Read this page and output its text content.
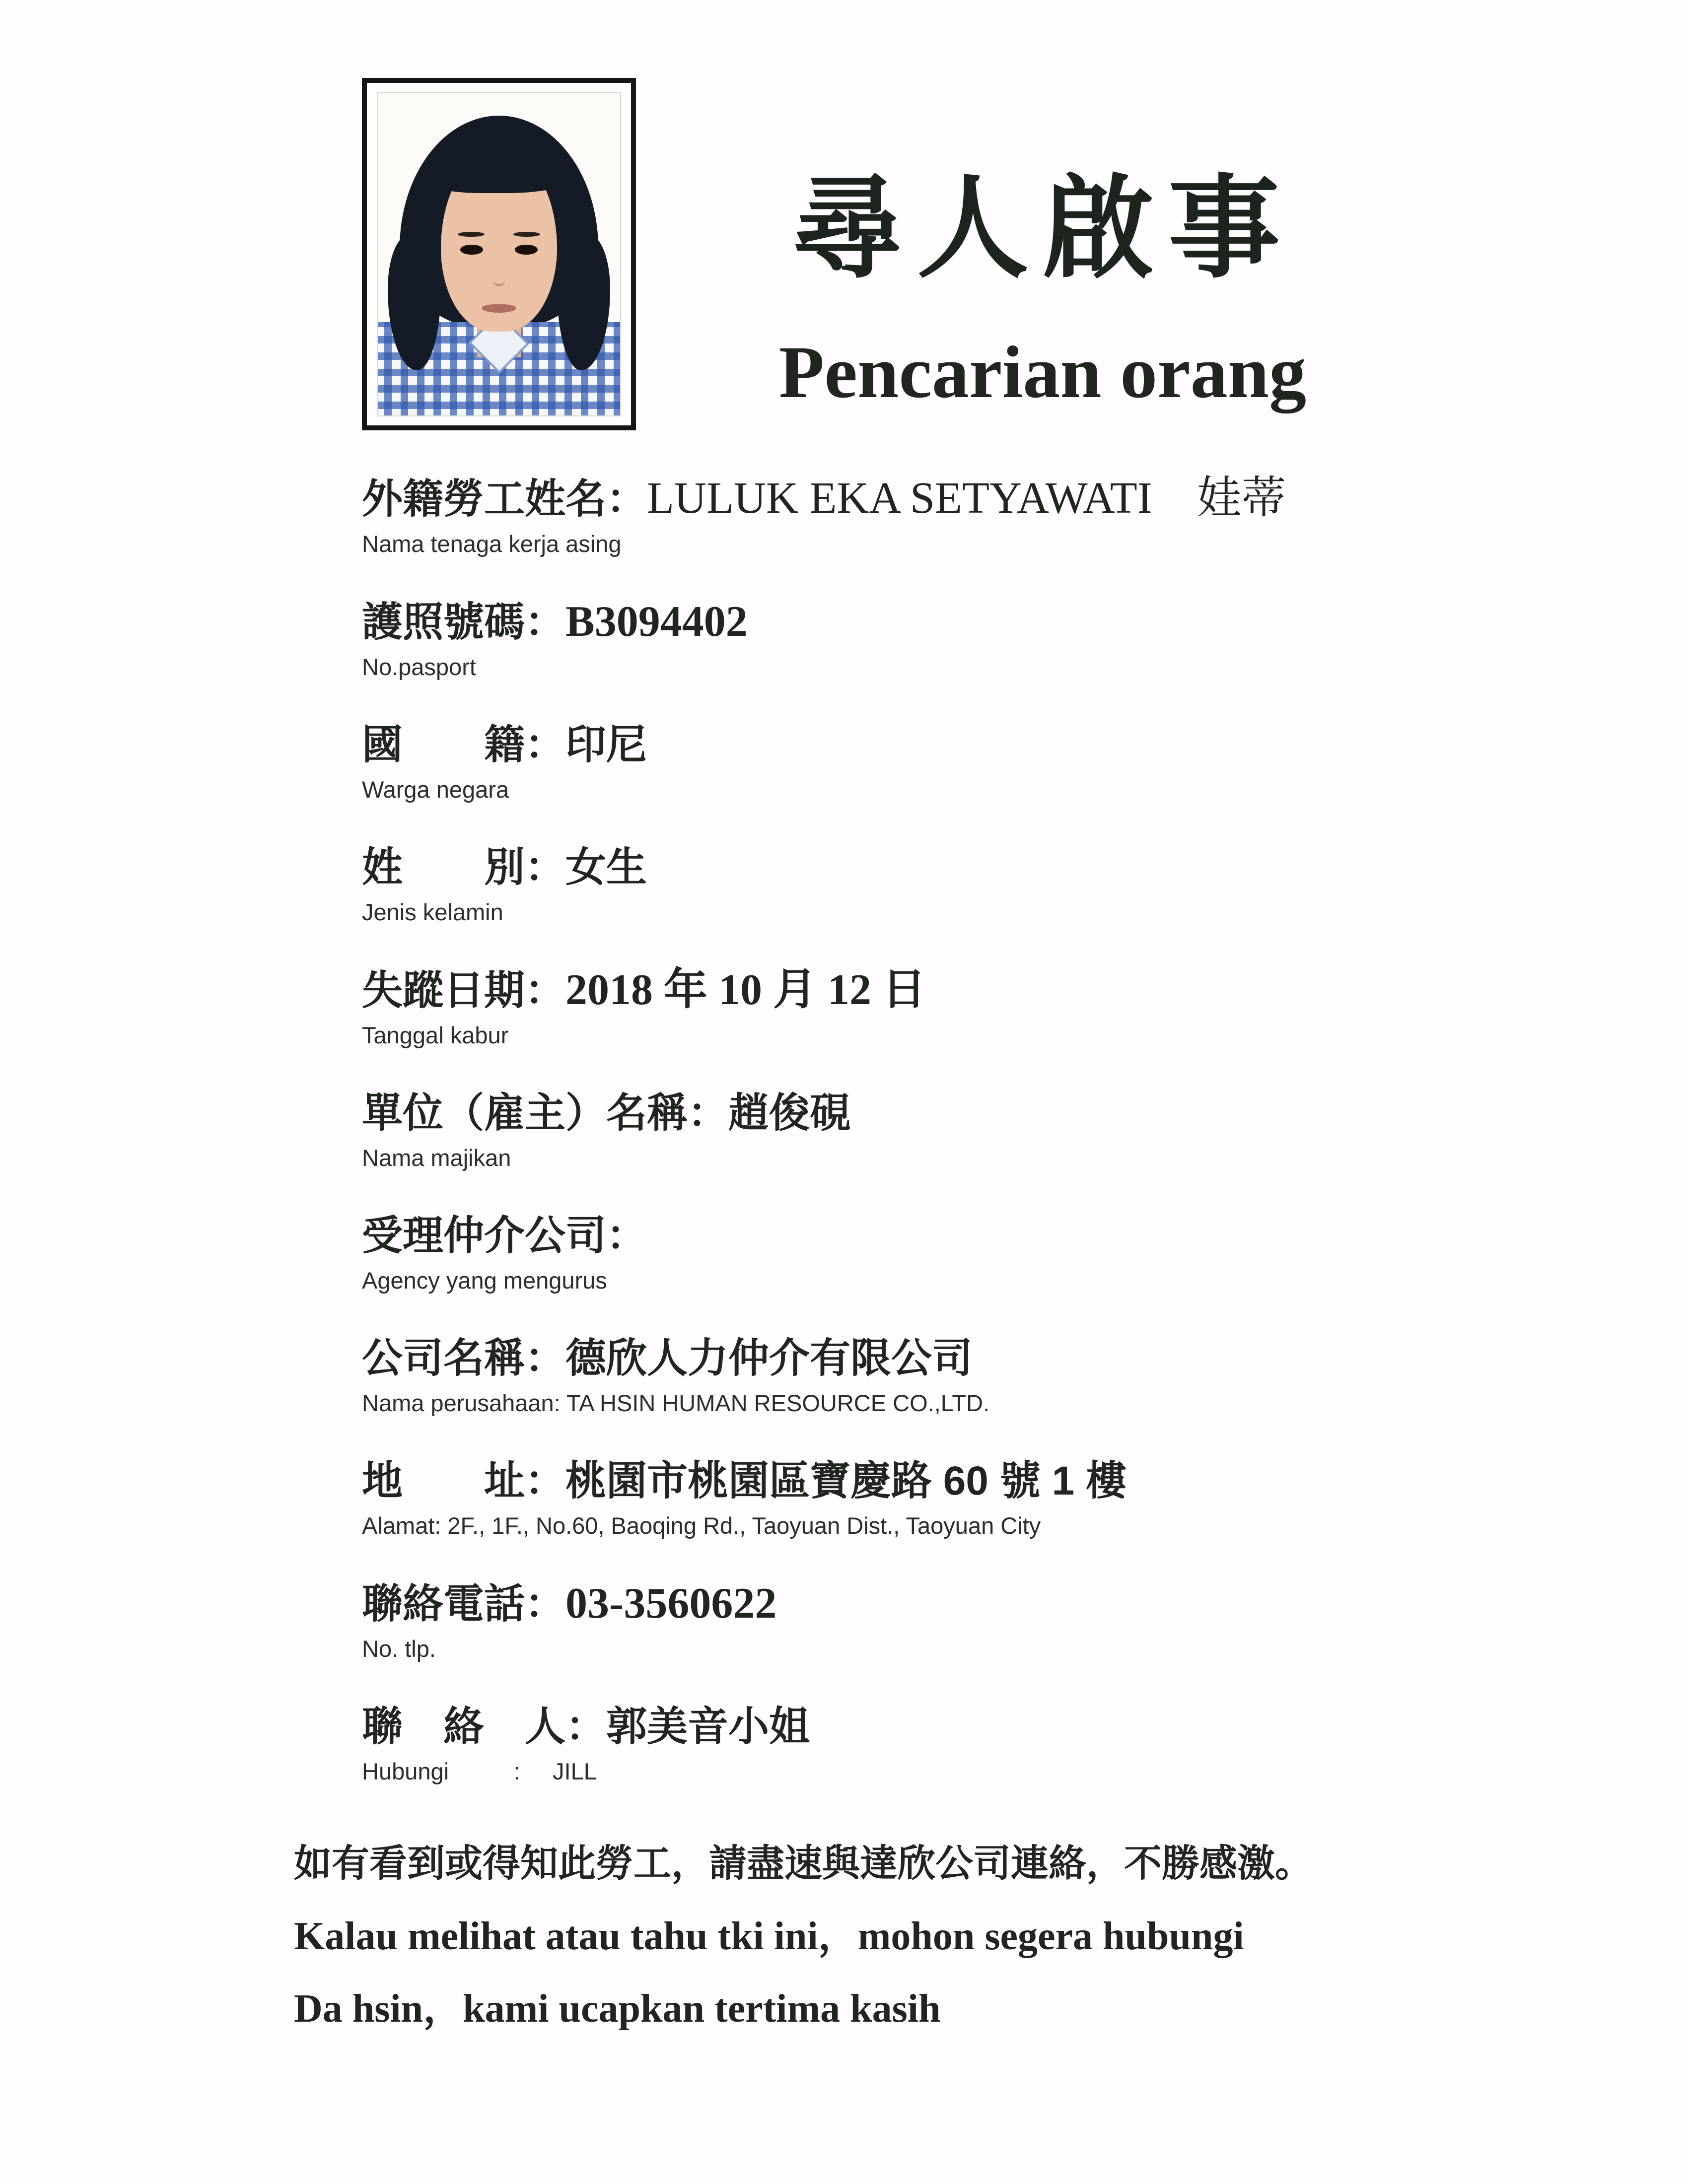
尋人啟事
Pencarian orang
外籍勞工姓名：LULUK EKA SETYAWATI　娃蒂
Nama tenaga kerja asing
護照號碼：B3094402
No.pasport
國　　籍：印尼
Warga negara
姓　　別：女生
Jenis kelamin
失蹤日期：2018 年 10 月 12 日
Tanggal kabur
單位（雇主）名稱：趙俊硯
Nama majikan
受理仲介公司：
Agency yang mengurus
公司名稱：德欣人力仲介有限公司
Nama perusahaan: TA HSIN HUMAN RESOURCE CO.,LTD.
地　　址：桃園市桃園區寶慶路 60 號 1 樓
Alamat: 2F., 1F., No.60, Baoqing Rd., Taoyuan Dist., Taoyuan City
聯絡電話：03-3560622
No. tlp.
聯　絡　人：郭美音小姐
Hubungi          :     JILL
如有看到或得知此勞工，請盡速與達欣公司連絡，不勝感激。
Kalau melihat atau tahu tki ini，mohon segera hubungi
Da hsin，kami ucapkan tertima kasih
